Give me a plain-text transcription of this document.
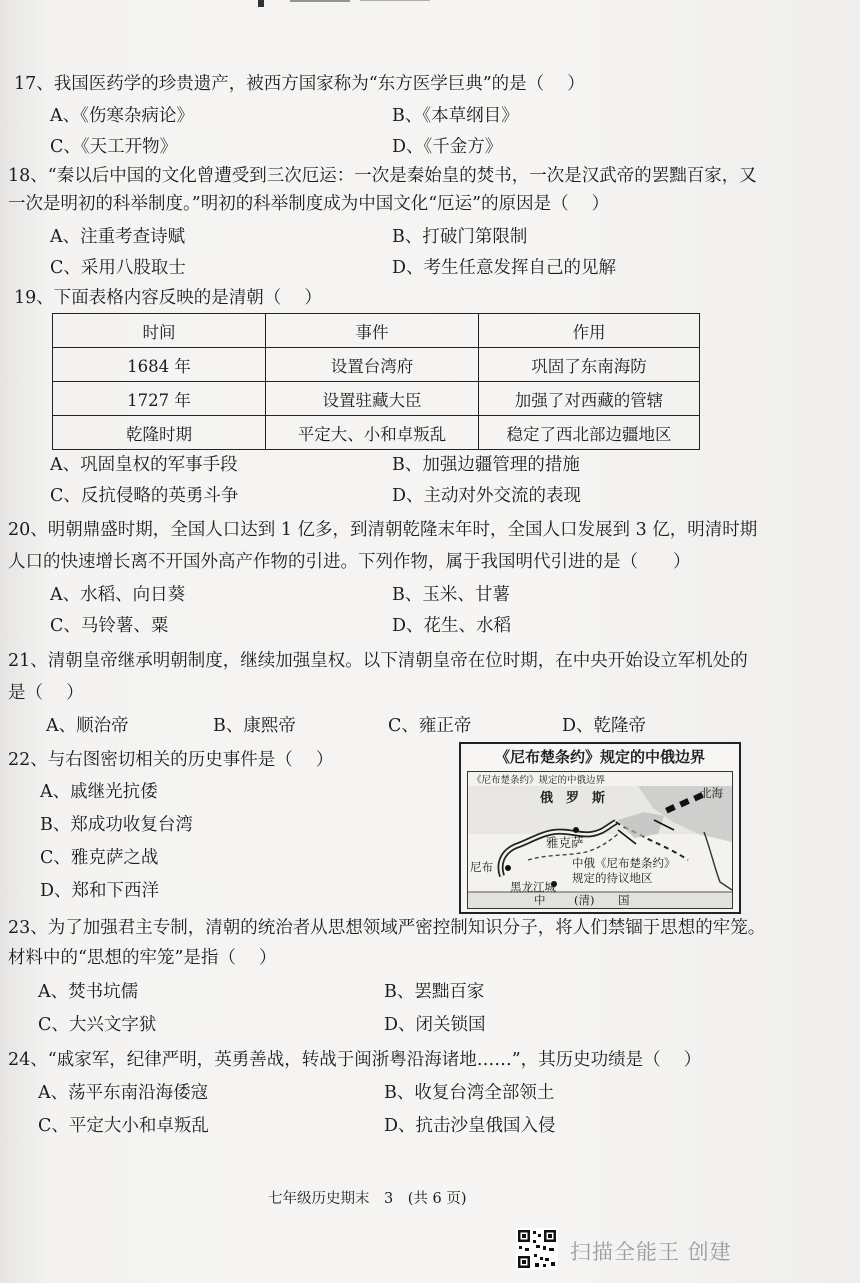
17、我国医药学的珍贵遗产，被西方国家称为“东方医学巨典”的是（　 ）
A、《伤寒杂病论》	B、《本草纲目》
C、《天工开物》	D、《千金方》
18、“秦以后中国的文化曾遭受到三次厄运：一次是秦始皇的焚书，一次是汉武帝的罢黜百家，又
一次是明初的科举制度。”明初的科举制度成为中国文化“厄运”的原因是（　 ）
A、注重考查诗赋	B、打破门第限制
C、采用八股取士	D、考生任意发挥自己的见解
19、下面表格内容反映的是清朝（　 ）
时间	事件	作用
1684 年	设置台湾府	巩固了东南海防
1727 年	设置驻藏大臣	加强了对西藏的管辖
乾隆时期	平定大、小和卓叛乱	稳定了西北部边疆地区
A、巩固皇权的军事手段	B、加强边疆管理的措施
C、反抗侵略的英勇斗争	D、主动对外交流的表现
20、明朝鼎盛时期，全国人口达到 1 亿多，到清朝乾隆末年时，全国人口发展到 3 亿，明清时期
人口的快速增长离不开国外高产作物的引进。下列作物，属于我国明代引进的是（　　）
A、水稻、向日葵	B、玉米、甘薯
C、马铃薯、粟	D、花生、水稻
21、清朝皇帝继承明朝制度，继续加强皇权。以下清朝皇帝在位时期，在中央开始设立军机处的
是（　 ）
A、顺治帝	B、康熙帝	C、雍正帝	D、乾隆帝
22、与右图密切相关的历史事件是（　 ）
A、戚继光抗倭
B、郑成功收复台湾
C、雅克萨之战
D、郑和下西洋
《尼布楚条约》规定的中俄边界
《尼布楚条约》规定的中俄边界
俄　罗　斯	北海
雅克萨
尼布
黑龙江城
中俄《尼布楚条约》
规定的待议地区
中	国
(清)
23、为了加强君主专制，清朝的统治者从思想领域严密控制知识分子，将人们禁锢于思想的牢笼。
材料中的“思想的牢笼”是指（　 ）
A、焚书坑儒	B、罢黜百家
C、大兴文字狱	D、闭关锁国
24、“戚家军，纪律严明，英勇善战，转战于闽浙粤沿海诸地……”，其历史功绩是（　 ）
A、荡平东南沿海倭寇	B、收复台湾全部领土
C、平定大小和卓叛乱	D、抗击沙皇俄国入侵
七年级历史期末　3　(共 6 页)
扫描全能王 创建
